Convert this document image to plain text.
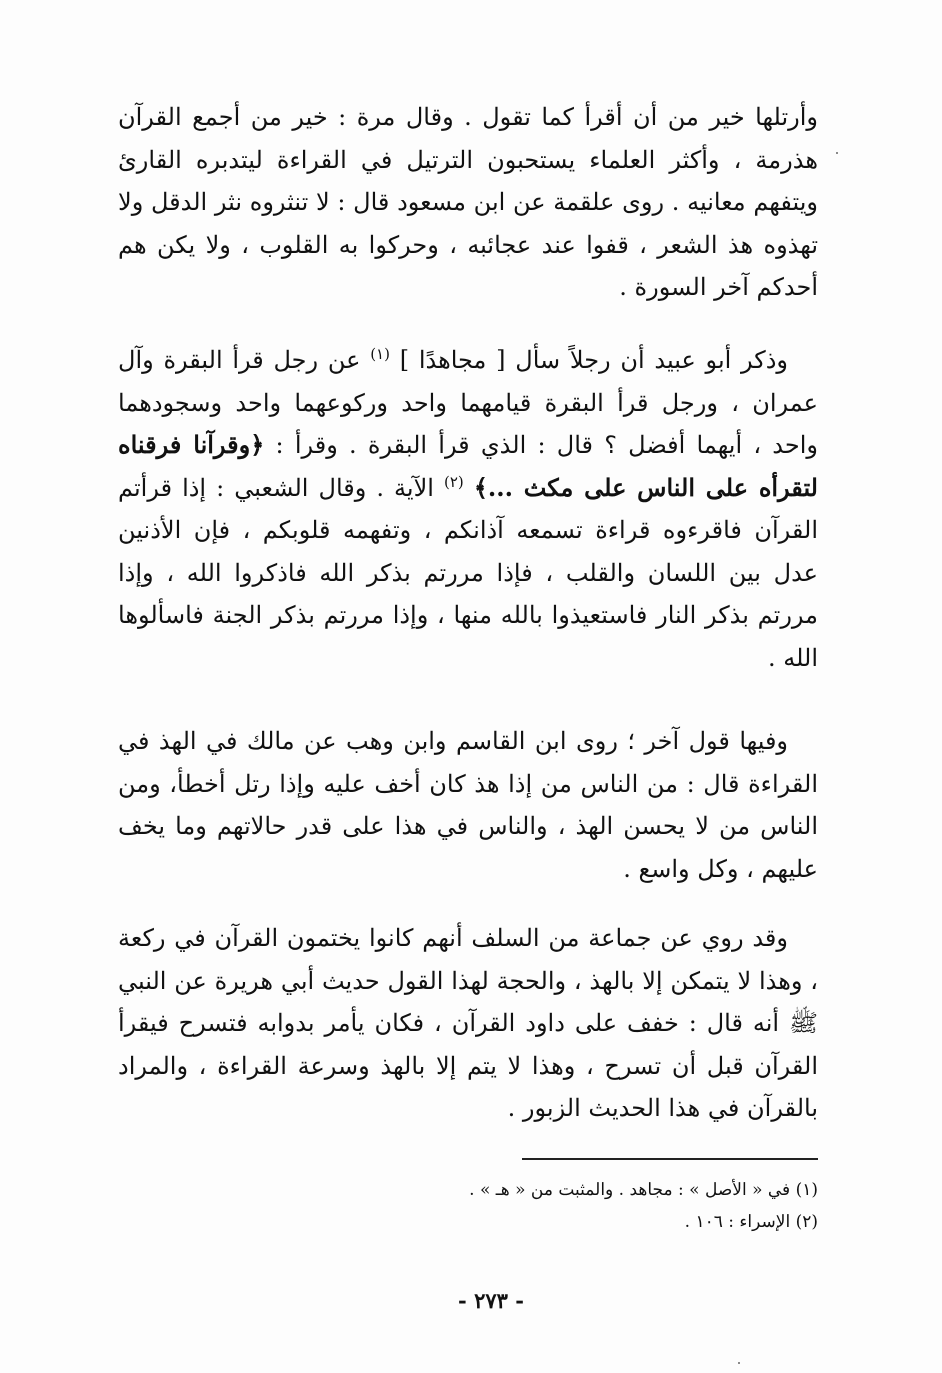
وأرتلها خير من أن أقرأ كما تقول . وقال مرة : خير من أجمع القرآن هذرمة ، وأكثر العلماء يستحبون الترتيل في القراءة ليتدبره القارئ ويتفهم معانيه . روى علقمة عن ابن مسعود قال : لا تنثروه نثر الدقل ولا تهذوه هذ الشعر ، قفوا عند عجائبه ، وحركوا به القلوب ، ولا يكن هم أحدكم آخر السورة .

وذكر أبو عبيد أن رجلاً سأل [ مجاهدًا ] $^{(١)}$ عن رجل قرأ البقرة وآل عمران ، ورجل قرأ البقرة قيامهما واحد وركوعهما واحد وسجودهما واحد ، أيهما أفضل ؟ قال : الذي قرأ البقرة . وقرأ : ﴿وقرآنا فرقناه لتقرأه على الناس على مكث ...﴾ $^{(٢)}$ الآية . وقال الشعبي : إذا قرأتم القرآن فاقرءوه قراءة تسمعه آذانكم ، وتفهمه قلوبكم ، فإن الأذنين عدل بين اللسان والقلب ، فإذا مررتم بذكر الله فاذكروا الله ، وإذا مررتم بذكر النار فاستعيذوا بالله منها ، وإذا مررتم بذكر الجنة فاسألوها الله .

وفيها قول آخر ؛ روى ابن القاسم وابن وهب عن مالك في الهذ في القراءة قال : من الناس من إذا هذ كان أخف عليه وإذا رتل أخطأ، ومن الناس من لا يحسن الهذ ، والناس في هذا على قدر حالاتهم وما يخف عليهم ، وكل واسع .

وقد روي عن جماعة من السلف أنهم كانوا يختمون القرآن في ركعة ، وهذا لا يتمكن إلا بالهذ ، والحجة لهذا القول حديث أبي هريرة عن النبي ﷺ أنه قال : خفف على داود القرآن ، فكان يأمر بدوابه فتسرح فيقرأ القرآن قبل أن تسرح ، وهذا لا يتم إلا بالهذ وسرعة القراءة ، والمراد بالقرآن في هذا الحديث الزبور .

(١) في « الأصل » : مجاهد . والمثبت من « هـ » .

(٢) الإسراء : ١٠٦ .

- ٢٧٣ -
